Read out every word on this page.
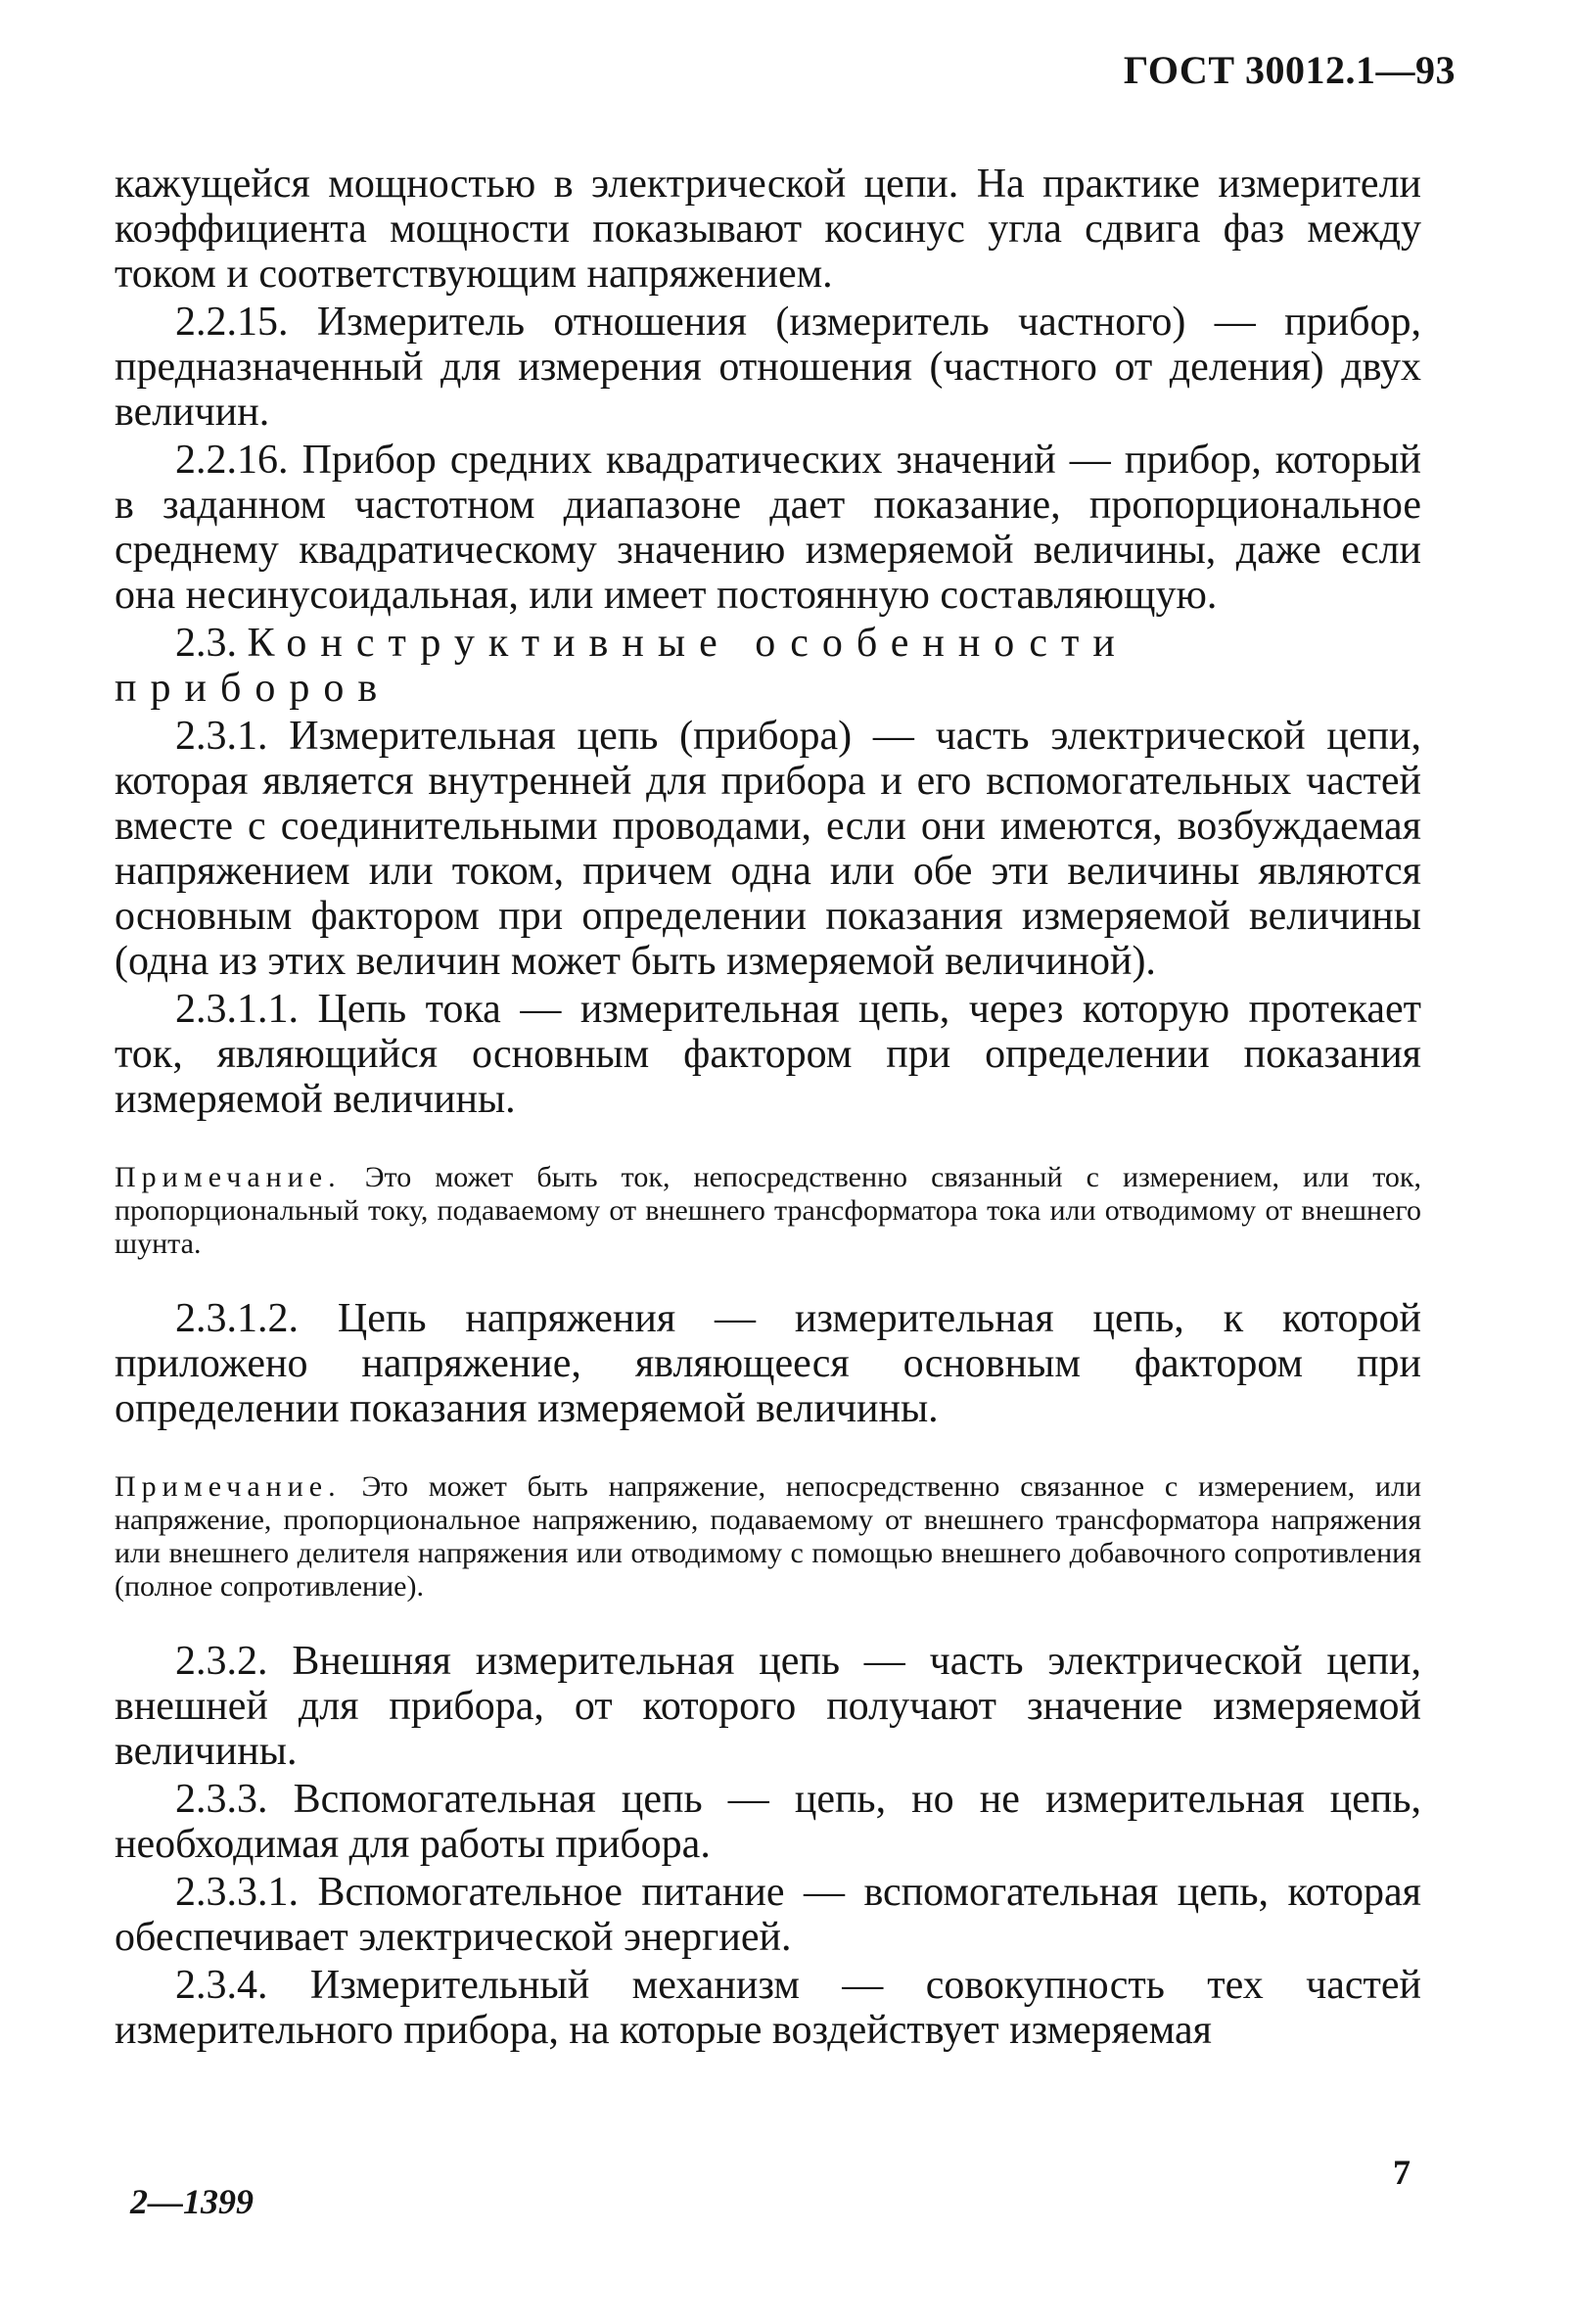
ГОСТ 30012.1—93

кажущейся мощностью в электрической цепи. На практике измерители коэффициента мощности показывают косинус угла сдвига фаз между током и соответствующим напряжением.

2.2.15. Измеритель отношения (измеритель частного) — прибор, предназначенный для измерения отношения (частного от деления) двух величин.

2.2.16. Прибор средних квадратических значений — прибор, который в заданном частотном диапазоне дает показание, пропорциональное среднему квадратическому значению измеряемой величины, даже если она несинусоидальная, или имеет постоянную составляющую.

2.3. Конструктивные особенности приборов

2.3.1. Измерительная цепь (прибора) — часть электрической цепи, которая является внутренней для прибора и его вспомогательных частей вместе с соединительными проводами, если они имеются, возбуждаемая напряжением или током, причем одна или обе эти величины являются основным фактором при определении показания измеряемой величины (одна из этих величин может быть измеряемой величиной).

2.3.1.1. Цепь тока — измерительная цепь, через которую протекает ток, являющийся основным фактором при определении показания измеряемой величины.

Примечание. Это может быть ток, непосредственно связанный с измерением, или ток, пропорциональный току, подаваемому от внешнего трансформатора тока или отводимому от внешнего шунта.

2.3.1.2. Цепь напряжения — измерительная цепь, к которой приложено напряжение, являющееся основным фактором при определении показания измеряемой величины.

Примечание. Это может быть напряжение, непосредственно связанное с измерением, или напряжение, пропорциональное напряжению, подаваемому от внешнего трансформатора напряжения или внешнего делителя напряжения или отводимому с помощью внешнего добавочного сопротивления (полное сопротивление).

2.3.2. Внешняя измерительная цепь — часть электрической цепи, внешней для прибора, от которого получают значение измеряемой величины.

2.3.3. Вспомогательная цепь — цепь, но не измерительная цепь, необходимая для работы прибора.

2.3.3.1. Вспомогательное питание — вспомогательная цепь, которая обеспечивает электрической энергией.

2.3.4. Измерительный механизм — совокупность тех частей измерительного прибора, на которые воздействует измеряемая

7
2—1399
